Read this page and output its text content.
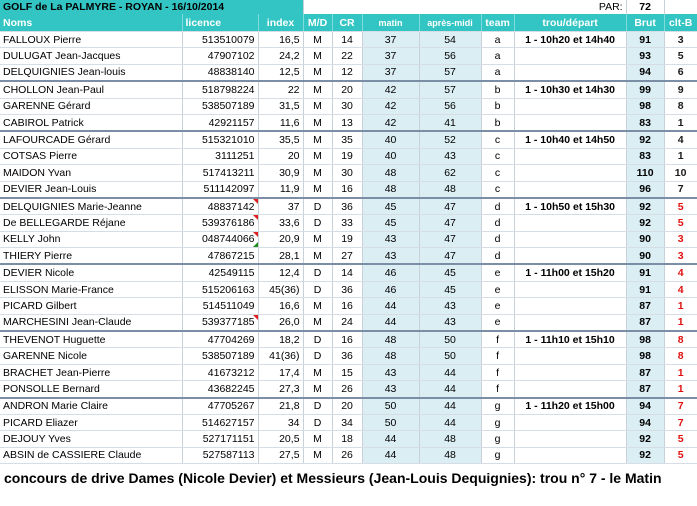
GOLF de La PALMYRE - ROYAN - 16/10/2014			PAR:						72	
Noms	licence	index	M/D	CR	matin	après-midi	team	trou/départ	Brut	clt-B
FALLOUX Pierre	513510079	16,5	M	14	37	54	a	1 - 10h20 et 14h40	91	3
DULUGAT Jean-Jacques	47907102	24,2	M	22	37	56	a		93	5
DELQUIGNIES Jean-louis	48838140	12,5	M	12	37	57	a		94	6
CHOLLON Jean-Paul	518798224	22	M	20	42	57	b	1 - 10h30 et 14h30	99	9
GARENNE Gérard	538507189	31,5	M	30	42	56	b		98	8
CABIROL Patrick	42921157	11,6	M	13	42	41	b		83	1
LAFOURCADE Gérard	515321010	35,5	M	35	40	52	c	1 - 10h40 et 14h50	92	4
COTSAS Pierre	3111251	20	M	19	40	43	c		83	1
MAIDON Yvan	517413211	30,9	M	30	48	62	c		110	10
DEVIER Jean-Louis	511142097	11,9	M	16	48	48	c		96	7
DELQUIGNIES Marie-Jeanne	48837142	37	D	36	45	47	d	1 - 10h50 et 15h30	92	5
De BELLEGARDE Réjane	539376186	33,6	D	33	45	47	d		92	5
KELLY John	048744066	20,9	M	19	43	47	d		90	3
THIERY Pierre	47867215	28,1	M	27	43	47	d		90	3
DEVIER Nicole	42549115	12,4	D	14	46	45	e	1 - 11h00 et 15h20	91	4
ELISSON Marie-France	515206163	45(36)	D	36	46	45	e		91	4
PICARD Gilbert	514511049	16,6	M	16	44	43	e		87	1
MARCHESINI Jean-Claude	539377185	26,0	M	24	44	43	e		87	1
THEVENOT Huguette	47704269	18,2	D	16	48	50	f	1 - 11h10 et 15h10	98	8
GARENNE Nicole	538507189	41(36)	D	36	48	50	f		98	8
BRACHET Jean-Pierre	41673212	17,4	M	15	43	44	f		87	1
PONSOLLE Bernard	43682245	27,3	M	26	43	44	f		87	1
ANDRON Marie Claire	47705267	21,8	D	20	50	44	g	1 - 11h20 et 15h00	94	7
PICARD Eliazer	514627157	34	D	34	50	44	g		94	7
DEJOUY Yves	527171151	20,5	M	18	44	48	g		92	5
ABSIN de CASSIERE Claude	527587113	27,5	M	26	44	48	g		92	5
concours de drive Dames (Nicole Devier) et Messieurs (Jean-Louis Dequignies): trou n° 7 - le Matin
